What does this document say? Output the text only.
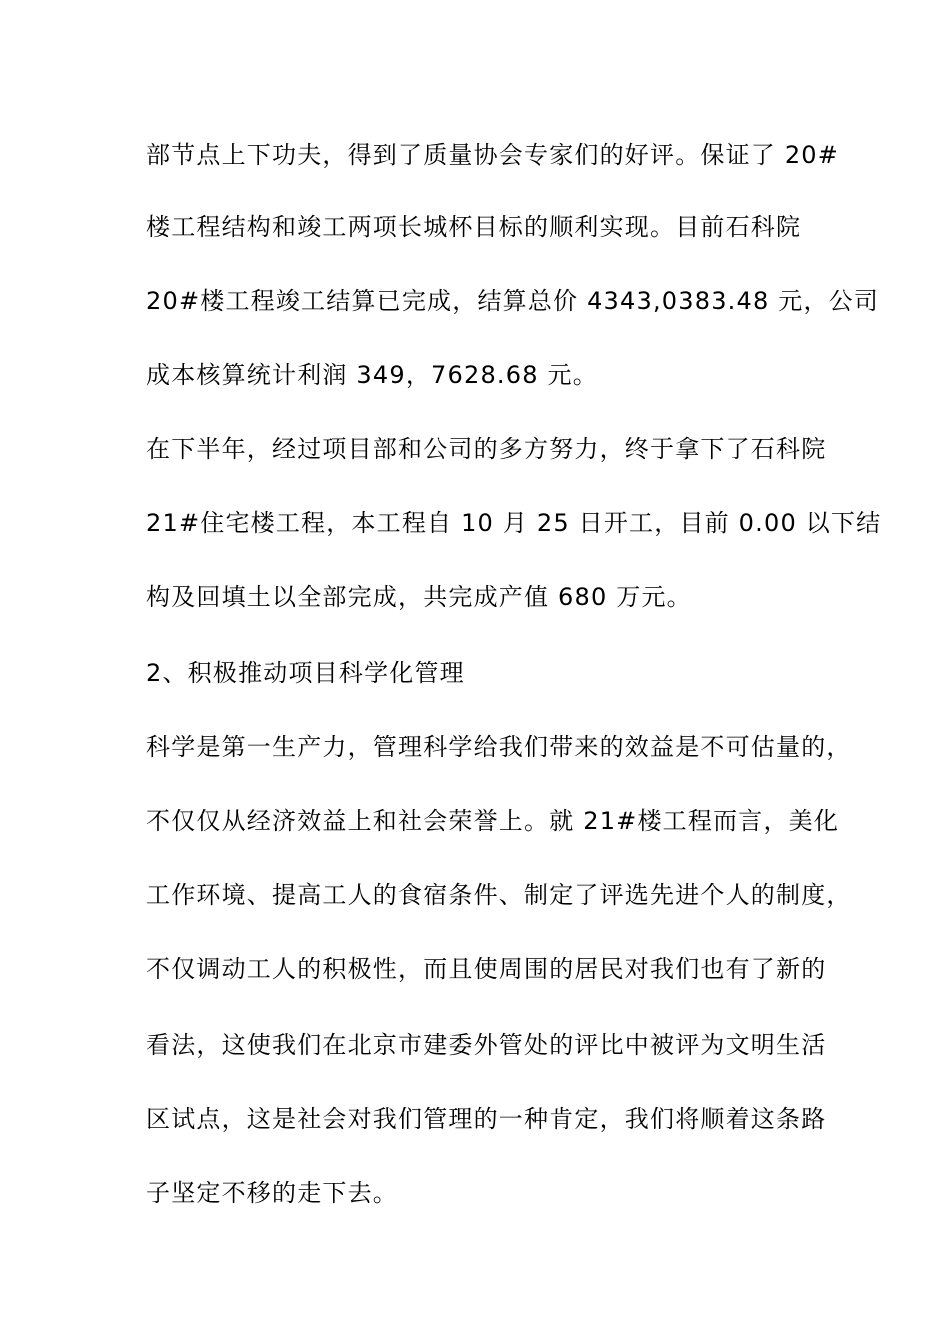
部节点上下功夫，得到了质量协会专家们的好评。保证了 20#
楼工程结构和竣工两项长城杯目标的顺利实现。目前石科院
20#楼工程竣工结算已完成，结算总价 4343,0383.48 元，公司
成本核算统计利润 349，7628.68 元。
在下半年，经过项目部和公司的多方努力，终于拿下了石科院
21#住宅楼工程，本工程自 10 月 25 日开工，目前 0.00 以下结
构及回填土以全部完成，共完成产值 680 万元。
2、积极推动项目科学化管理
科学是第一生产力，管理科学给我们带来的效益是不可估量的，
不仅仅从经济效益上和社会荣誉上。就 21#楼工程而言，美化
工作环境、提高工人的食宿条件、制定了评选先进个人的制度，
不仅调动工人的积极性，而且使周围的居民对我们也有了新的
看法，这使我们在北京市建委外管处的评比中被评为文明生活
区试点，这是社会对我们管理的一种肯定，我们将顺着这条路
子坚定不移的走下去。
